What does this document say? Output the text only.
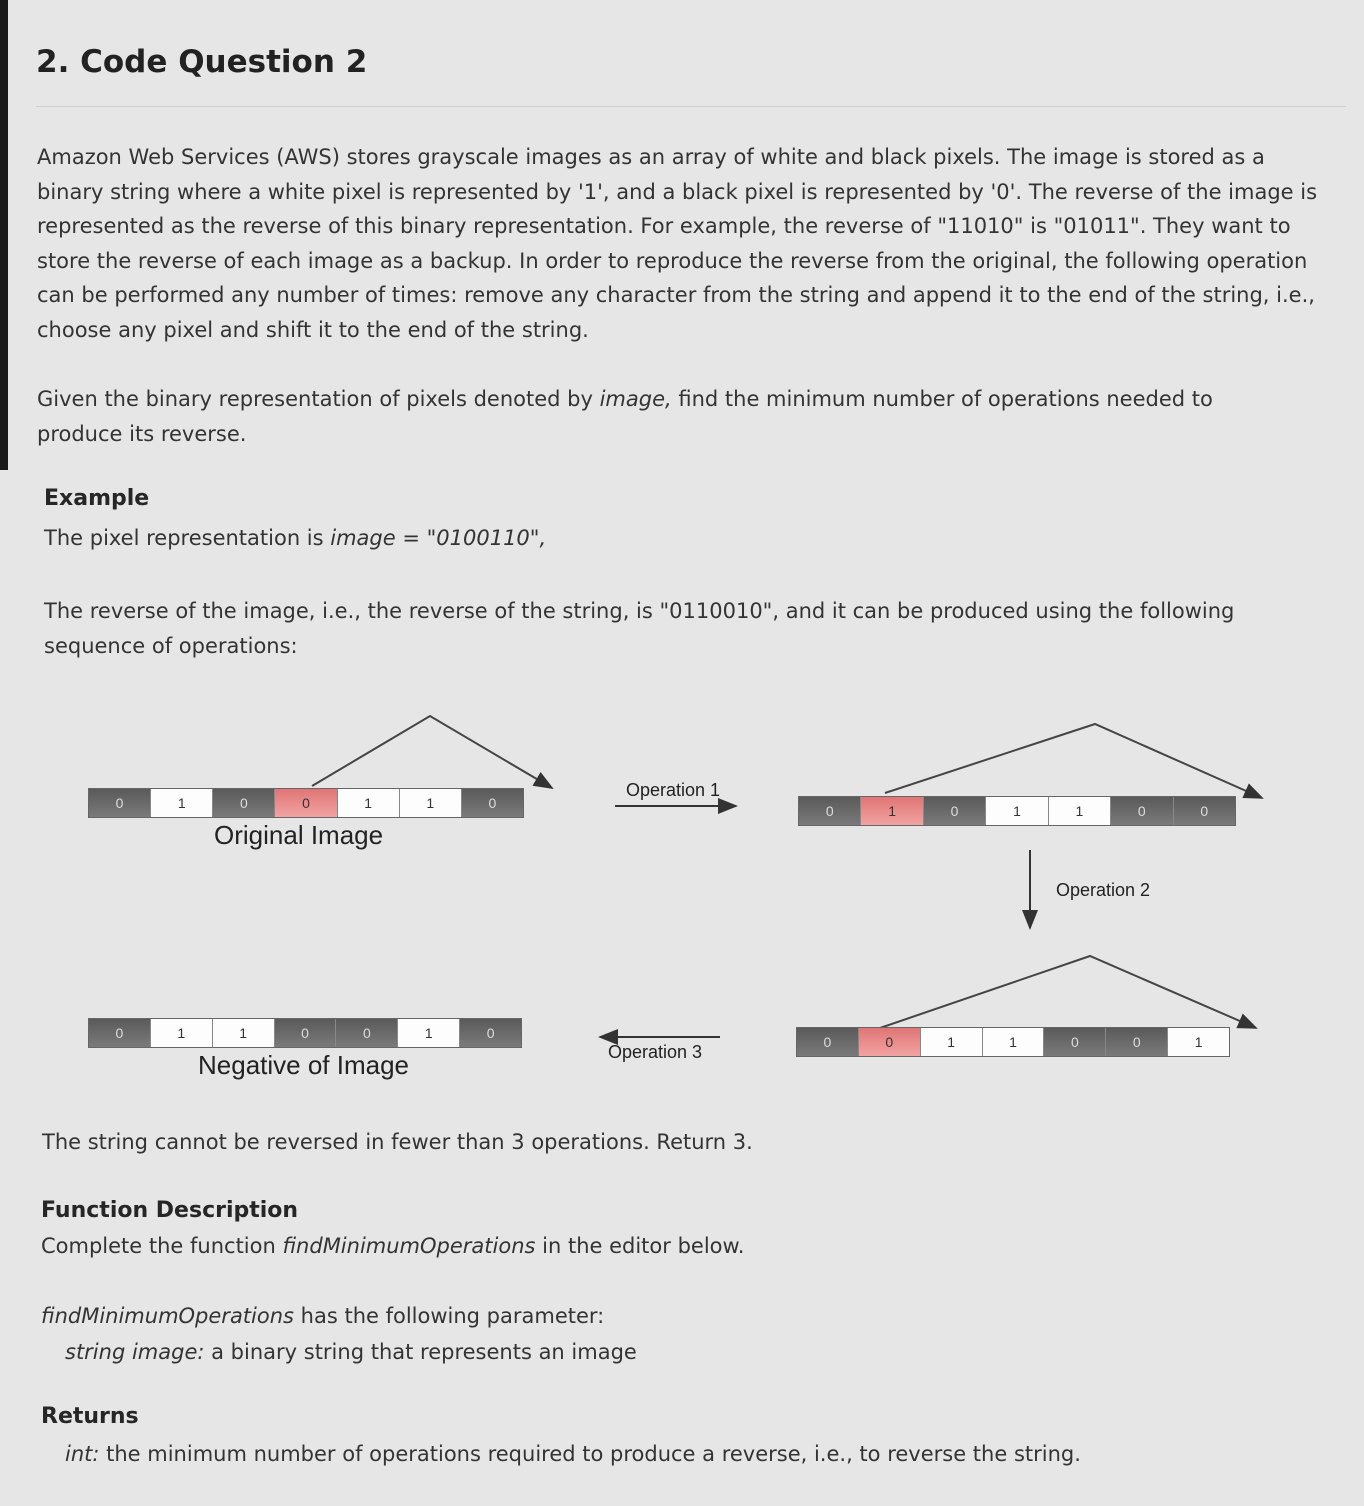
2. Code Question 2

Amazon Web Services (AWS) stores grayscale images as an array of white and black pixels. The image is stored as a binary string where a white pixel is represented by '1', and a black pixel is represented by '0'. The reverse of the image is represented as the reverse of this binary representation. For example, the reverse of "11010" is "01011". They want to store the reverse of each image as a backup. In order to reproduce the reverse from the original, the following operation can be performed any number of times: remove any character from the string and append it to the end of the string, i.e., choose any pixel and shift it to the end of the string.

Given the binary representation of pixels denoted by image, find the minimum number of operations needed to produce its reverse.

Example

The pixel representation is image = "0100110",

The reverse of the image, i.e., the reverse of the string, is "0110010", and it can be produced using the following sequence of operations:

0	1	0	0	1	1	0
Original Image
Operation 1
0	1	0	1	1	0	0
Operation 2
0	0	1	1	0	0	1
Operation 3
0	1	1	0	0	1	0
Negative of Image

The string cannot be reversed in fewer than 3 operations. Return 3.

Function Description

Complete the function findMinimumOperations in the editor below.

findMinimumOperations has the following parameter:

string image: a binary string that represents an image

Returns

int: the minimum number of operations required to produce a reverse, i.e., to reverse the string.
